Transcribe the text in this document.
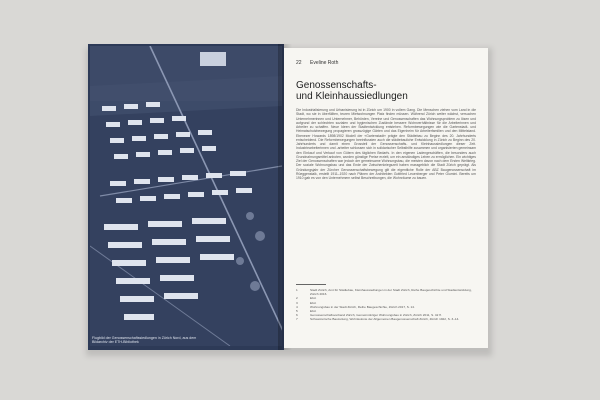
Flugbild der Genossenschaftssiedlungen in Zürich Nord, aus dem Bildarchiv der ETH-Bibliothek
22 Eveline Roth
Genossenschafts-
und Kleinhaussiedlungen

Die Industrialisierung und Urbanisierung ist in Zürich um 1900 in vollem Gang. Die Menschen ziehen vom Land in die Stadt, wo sie in überfüllten, teuren Mietwohnungen Platz finden müssen. Während Zürich weiter wächst, versuchen Unternehmerinnen und Unternehmer, Behörden, Vereine und Genossenschaften das Wohnungsproblem zu lösen und aufgrund der schlechten sozialen und hygienischen Zustände bessere Wohnverhältnisse für die Arbeiterinnen und Arbeiter zu schaffen. Neue Ideen der Stadtentwicklung entstehen. Reformbewegungen wie die Gartenstadt- und Heimatschutzbewegung propagieren grosszügige Gärten und das Eigenheim für Arbeiterfamilien und den Mittelstand. Ebenezer Howards 1898/1902 Modell der «Gartenstadt» prägte den Städtebau zu Beginn des 20. Jahrhunderts entscheidend. Die Reformbewegungen beeinflussten auch die städtebauliche Entwicklung in Zürich zu Beginn des 20. Jahrhunderts und damit einen Grossteil der Genossenschafts- und Kleinhaussiedlungen dieser Zeit. Industriearbeiterinnen und -arbeiter schlossen sich in solidarischer Selbsthilfe zusammen und organisierten gemeinsam den Einkauf und Verkauf von Gütern des täglichen Bedarfs. In den eigenen Ladengeschäften, die besonders auch Grundnahrungsmittel anboten, wurden günstige Preise erzielt, um ein anständiges Leben zu ermöglichen. Ein wichtiges Ziel der Genossenschaften war jedoch der gemeinsame Wohnungsbau, die meisten davon nach dem Ersten Weltkrieg. Der soziale Wohnungsbau und das Ende der Zwischenkriegszeit haben massgeblich die Stadt Zürich geprägt. Als Gründungsjahr der Zürcher Genossenschaftsbewegung gilt die eigentliche Rolle der ABZ Baugenossenschaft im Rüeggenstalk, erstellt 1911–1920 nach Plänen der Architekten Gottfried Leuenberger und Peter Giumini. Bereits um 1910 gab es von den Unternehmern selbst Beschreibungen, die Wohnräume zu bauen.

1	Stadt Zürich, Amt für Städtebau, Kleinhaussiedlungen in der Stadt Zürich, Reihe Baugeschichte und Stadtentwicklung, Zürich 2016.
2	Ebd.
3	Ebd.
4	Wohnungsbau in der Stadt Zürich, Reihe Baugeschichte, Zürich 2017, S. 14.
5	Ebd.
6	Genossenschaftsverband Zürich, Gemeinnütziger Wohnungsbau in Zürich, Zürich 2011, S. 42 ff.
7	Schweizerische Bauzeitung, Wohnkolonie der Allgemeinen Baugenossenschaft Zürich, Zürich 1922, S. 3–14.
